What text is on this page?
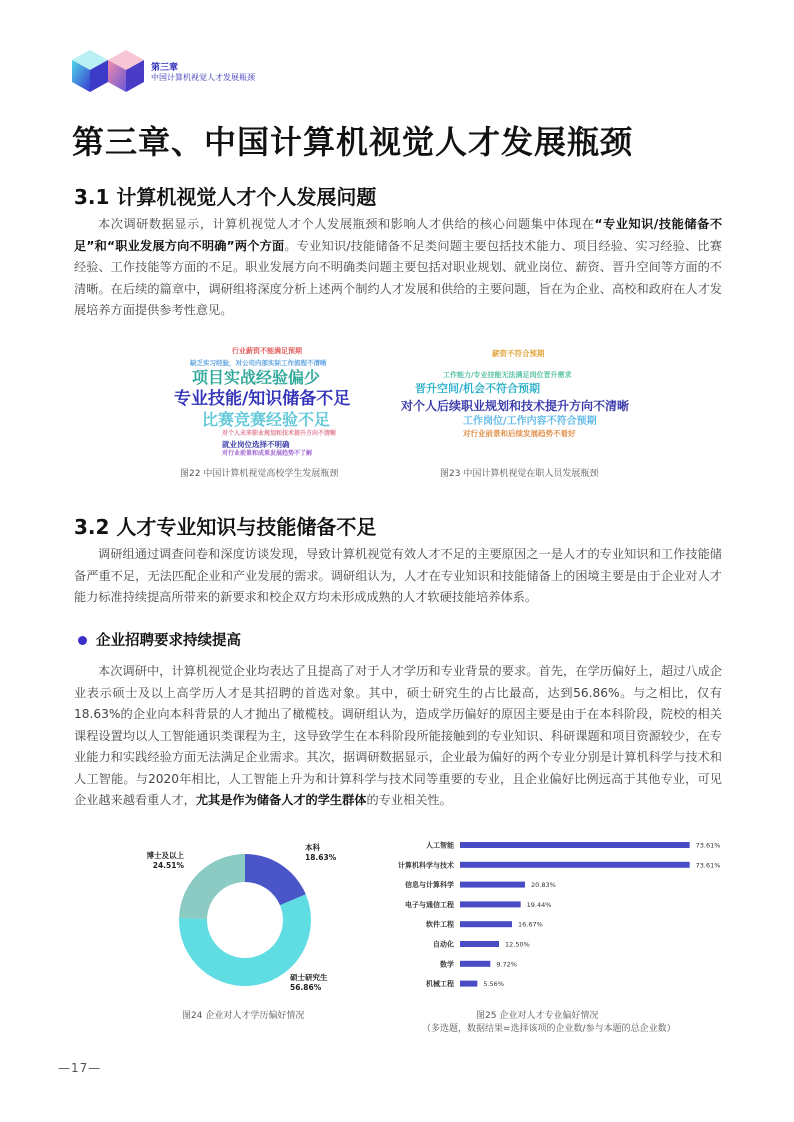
第三章
中国计算机视觉人才发展瓶颈
第三章、中国计算机视觉人才发展瓶颈
3.1 计算机视觉人才个人发展问题
本次调研数据显示，计算机视觉人才个人发展瓶颈和影响人才供给的核心问题集中体现在“专业知识/技能储备不足”和“职业发展方向不明确”两个方面。专业知识/技能储备不足类问题主要包括技术能力、项目经验、实习经验、比赛经验、工作技能等方面的不足。职业发展方向不明确类问题主要包括对职业规划、就业岗位、薪资、晋升空间等方面的不清晰。在后续的篇章中，调研组将深度分析上述两个制约人才发展和供给的主要问题，旨在为企业、高校和政府在人才发展培养方面提供参考性意见。
行业薪资不能满足预期
缺乏实习经验，对公司内部实际工作流程不清晰
项目实战经验偏少
专业技能/知识储备不足
比赛竞赛经验不足
对个人未来职业规划和技术提升方向不清晰
就业岗位选择不明确
对行业前景和成果发展趋势不了解
图22 中国计算机视觉高校学生发展瓶颈
薪资不符合预期
工作能力/专业技能无法满足岗位晋升需求
晋升空间/机会不符合预期
对个人后续职业规划和技术提升方向不清晰
工作岗位/工作内容不符合预期
对行业前景和后续发展趋势不看好
图23 中国计算机视觉在职人员发展瓶颈
3.2 人才专业知识与技能储备不足
调研组通过调查问卷和深度访谈发现，导致计算机视觉有效人才不足的主要原因之一是人才的专业知识和工作技能储备严重不足，无法匹配企业和产业发展的需求。调研组认为，人才在专业知识和技能储备上的困境主要是由于企业对人才能力标准持续提高所带来的新要求和校企双方均未形成成熟的人才软硬技能培养体系。
企业招聘要求持续提高
本次调研中，计算机视觉企业均表达了且提高了对于人才学历和专业背景的要求。首先，在学历偏好上，超过八成企业表示硕士及以上高学历人才是其招聘的首选对象。其中，硕士研究生的占比最高，达到56.86%。与之相比，仅有18.63%的企业向本科背景的人才抛出了橄榄枝。调研组认为，造成学历偏好的原因主要是由于在本科阶段，院校的相关课程设置均以人工智能通识类课程为主，这导致学生在本科阶段所能接触到的专业知识、科研课题和项目资源较少，在专业能力和实践经验方面无法满足企业需求。其次，据调研数据显示，企业最为偏好的两个专业分别是计算机科学与技术和人工智能。与2020年相比，人工智能上升为和计算科学与技术同等重要的专业，且企业偏好比例远高于其他专业，可见企业越来越看重人才，尤其是作为储备人才的学生群体的专业相关性。
本科
18.63%
硕士研究生
56.86%
博士及以上
24.51%
图24 企业对人才学历偏好情况
人工智能	73.61%
计算机科学与技术	73.61%
信息与计算科学	20.83%
电子与通信工程	19.44%
软件工程	16.67%
自动化	12.50%
数学	9.72%
机械工程	5.56%
图25 企业对人才专业偏好情况
（多选题，数据结果=选择该项的企业数/参与本题的总企业数）
—17—
